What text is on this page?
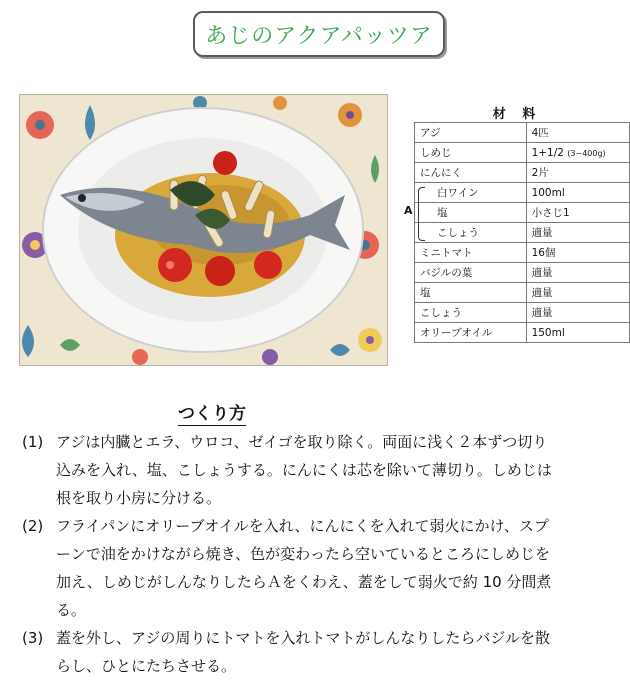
あじのアクアパッツア
材 料
アジ	4匹
しめじ	1+1/2 (3~400g)
にんにく	2片
白ワイン	100ml
塩	小さじ1
こしょう	適量
ミニトマト	16個
バジルの葉	適量
塩	適量
こしょう	適量
オリーブオイル	150ml
A
つくり方
(1) アジは内臓とエラ、ウロコ、ゼイゴを取り除く。両面に浅く２本ずつ切り
込みを入れ、塩、こしょうする。にんにくは芯を除いて薄切り。しめじは
根を取り小房に分ける。
(2) フライパンにオリーブオイルを入れ、にんにくを入れて弱火にかけ、スプ
ーンで油をかけながら焼き、色が変わったら空いているところにしめじを
加え、しめじがしんなりしたらＡをくわえ、蓋をして弱火で約 10 分間煮
る。
(3) 蓋を外し、アジの周りにトマトを入れトマトがしんなりしたらバジルを散
らし、ひとにたちさせる。
